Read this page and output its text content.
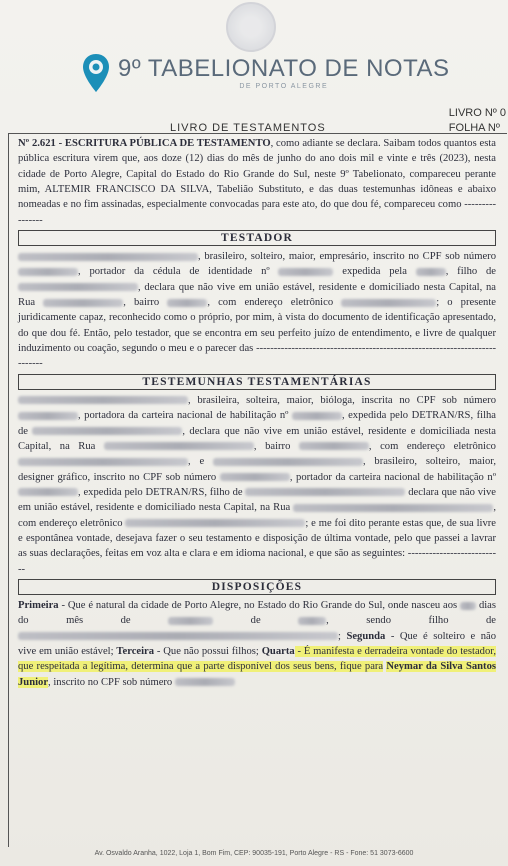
9º TABELIONATO DE NOTAS
DE PORTO ALEGRE
LIVRO DE TESTAMENTOS
LIVRO Nº 0
FOLHA Nº

Nº 2.621 - ESCRITURA PÚBLICA DE TESTAMENTO, como adiante se declara. Saibam todos quantos esta pública escritura virem que, aos doze (12) dias do mês de junho do ano dois mil e vinte e três (2023), nesta cidade de Porto Alegre, Capital do Estado do Rio Grande do Sul, neste 9º Tabelionato, compareceu perante mim, ALTEMIR FRANCISCO DA SILVA, Tabelião Substituto, e das duas testemunhas idôneas e abaixo nomeadas e no fim assinadas, especialmente convocadas para este ato, do que dou fé, compareceu como ----------------

TESTADOR

, brasileiro, solteiro, maior, empresário, inscrito no CPF sob número , portador da cédula de identidade nº	expedida pela	, filho de , declara que não vive em união estável, residente e domiciliado nesta Capital, na Rua	, bairro	, com endereço eletrônico	; o presente juridicamente capaz, reconhecido como o próprio, por mim, à vista do documento de identificação apresentado, do que dou fé. Então, pelo testador, que se encontra em seu perfeito juízo de entendimento, e livre de qualquer induzimento ou coação, segundo o meu e o parecer das ---------------------------------------------------------------------------

TESTEMUNHAS TESTAMENTÁRIAS

, brasileira, solteira, maior, bióloga, inscrita no CPF sob número , portadora da carteira nacional de habilitação nº	, expedida pelo DETRAN/RS, filha de	, declara que não vive em união estável, residente e domiciliada nesta Capital, na Rua	, bairro	, com endereço eletrônico , e	, brasileiro, solteiro, maior, designer gráfico, inscrito no CPF sob número	, portador da carteira nacional de habilitação nº , expedida pelo DETRAN/RS, filho de	declara que não vive em união estável, residente e domiciliado nesta Capital, na Rua	, com endereço eletrônico	; e me foi dito perante estas que, de sua livre e espontânea vontade, desejava fazer o seu testamento e disposição de última vontade, pelo que passei a lavrar as suas declarações, feitas em voz alta e clara e em idioma nacional, e que são as seguintes: ---------------------------

DISPOSIÇÕES

Primeira - Que é natural da cidade de Porto Alegre, no Estado do Rio Grande do Sul, onde nasceu aos dias do mês de	de	, sendo filho de ; Segunda - Que é solteiro e não vive em união estável; Terceira - Que não possui filhos; Quarta - É manifesta e derradeira vontade do testador, que respeitada a legítima, determina que a parte disponível dos seus bens, fique para Neymar da Silva Santos Junior, inscrito no CPF sob número

Av. Osvaldo Aranha, 1022, Loja 1, Bom Fim, CEP: 90035-191, Porto Alegre - RS - Fone: 51 3073-6600
